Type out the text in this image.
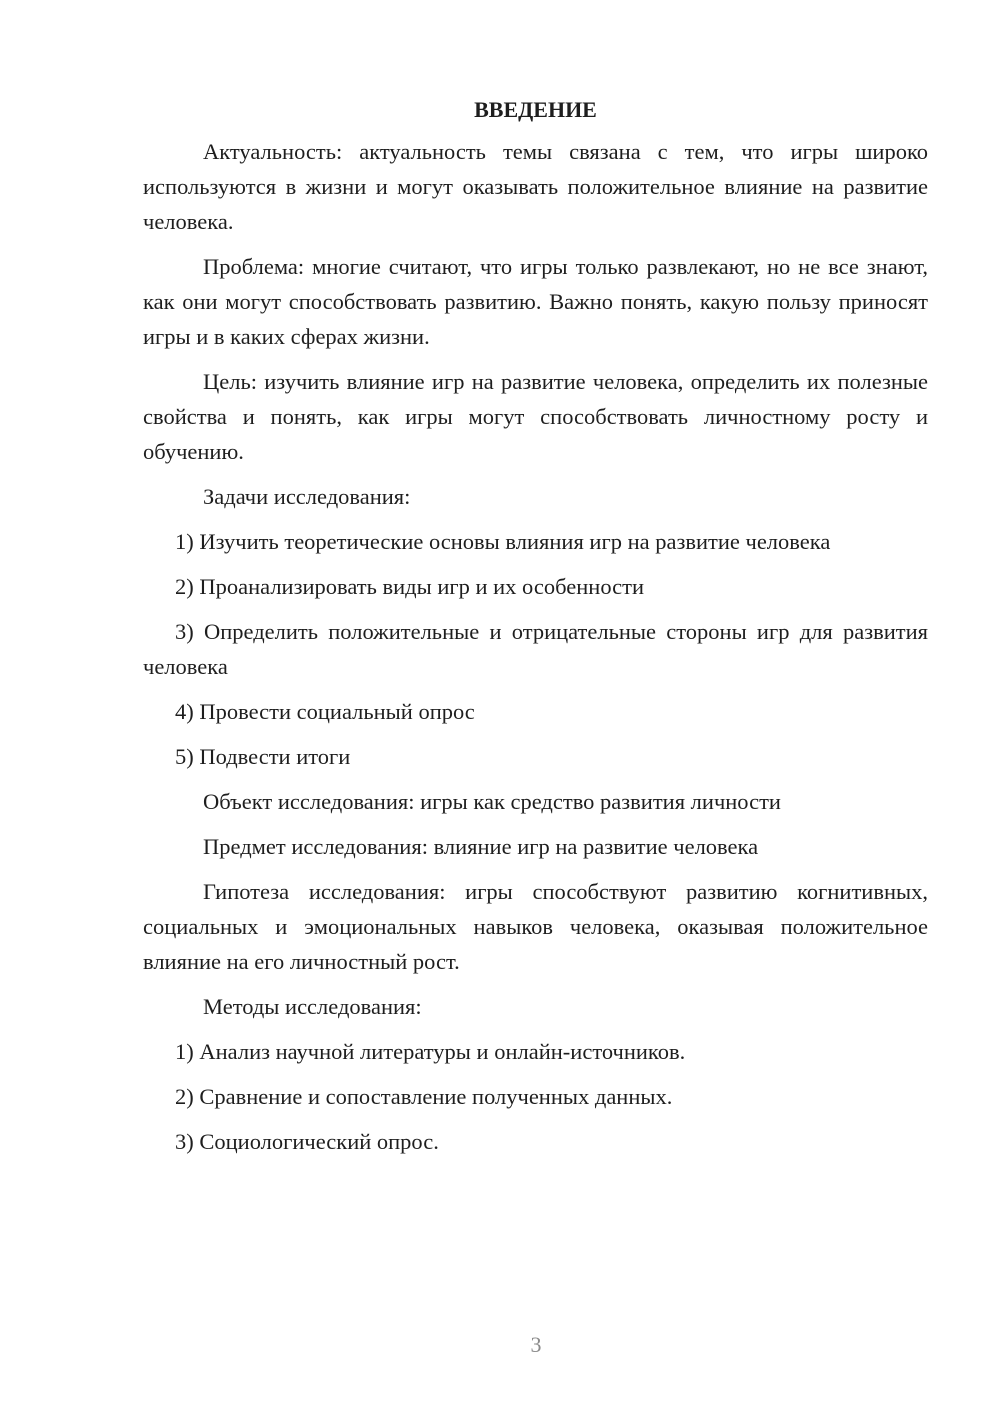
ВВЕДЕНИЕ

Актуальность: актуальность темы связана с тем, что игры широко используются в жизни и могут оказывать положительное влияние на развитие человека.

Проблема: многие считают, что игры только развлекают, но не все знают, как они могут способствовать развитию. Важно понять, какую пользу приносят игры и в каких сферах жизни.

Цель: изучить влияние игр на развитие человека, определить их полезные свойства и понять, как игры могут способствовать личностному росту и обучению.

Задачи исследования:

1) Изучить теоретические основы влияния игр на развитие человека

2) Проанализировать виды игр и их особенности

3) Определить положительные и отрицательные стороны игр для развития человека

4) Провести социальный опрос

5) Подвести итоги

Объект исследования: игры как средство развития личности

Предмет исследования: влияние игр на развитие человека

Гипотеза исследования: игры способствуют развитию когнитивных, социальных и эмоциональных навыков человека, оказывая положительное влияние на его личностный рост.

Методы исследования:

1) Анализ научной литературы и онлайн-источников.

2) Сравнение и сопоставление полученных данных.

3) Социологический опрос.

3
